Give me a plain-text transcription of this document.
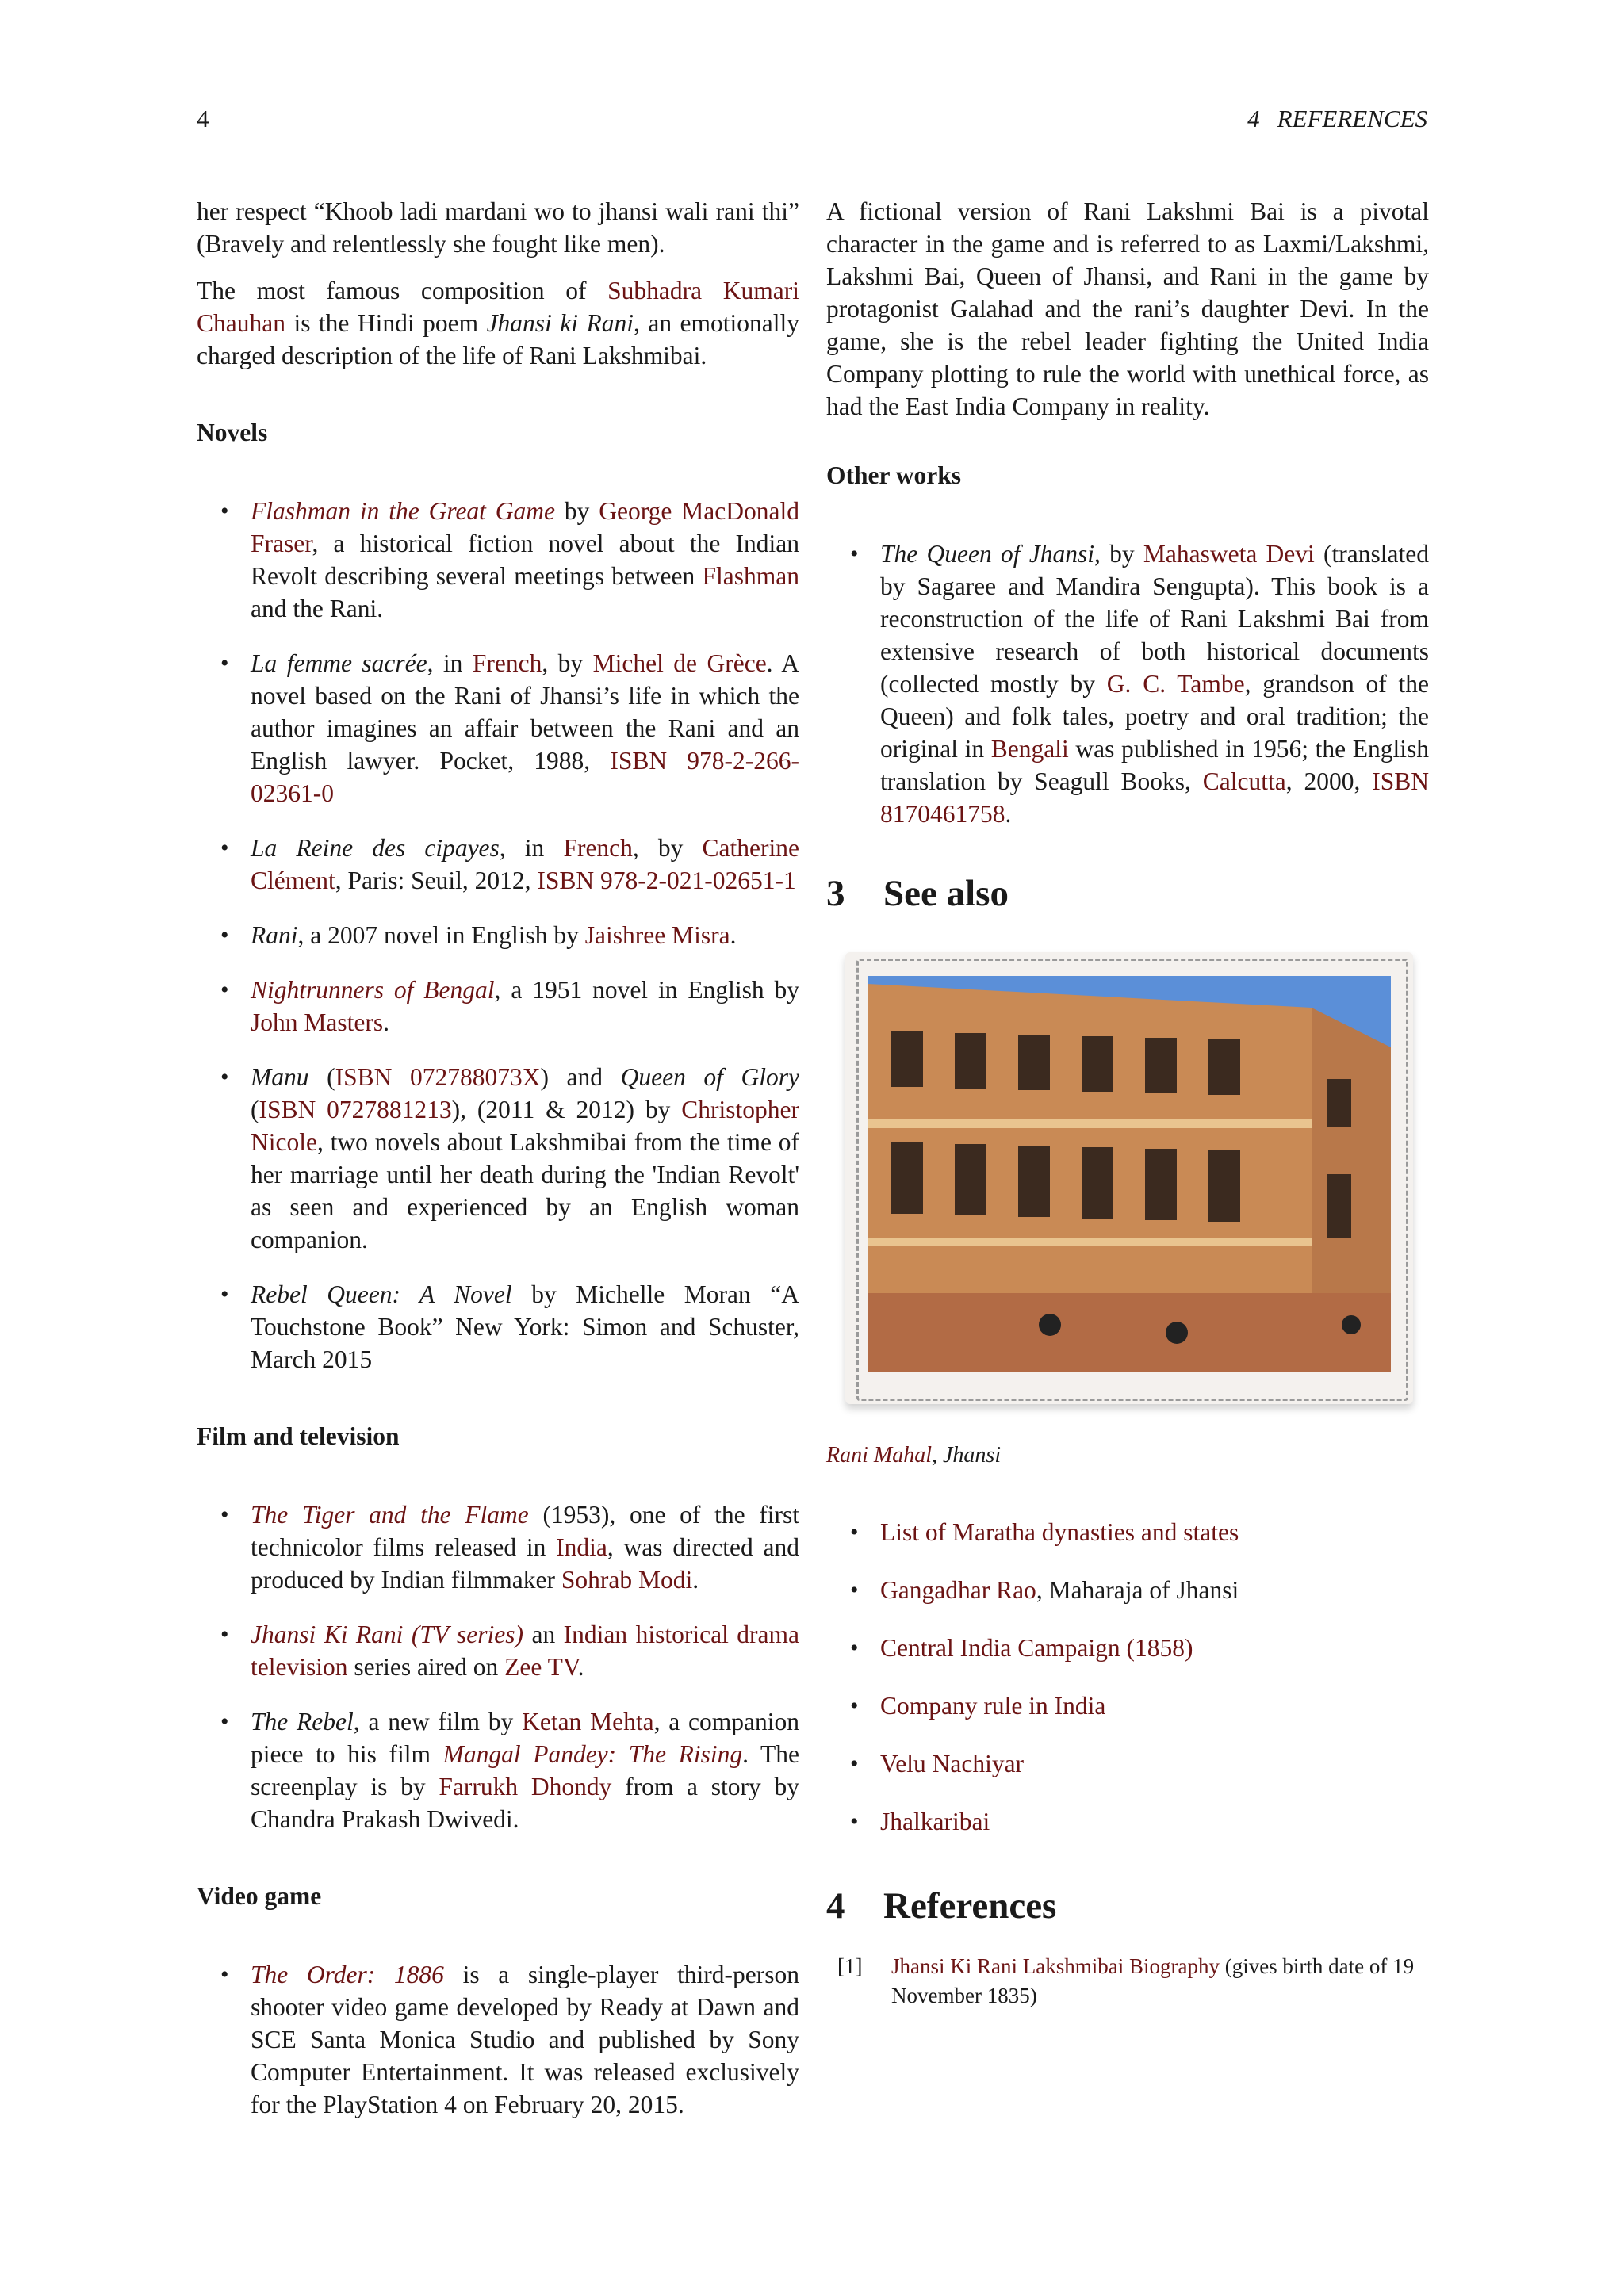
4	4 REFERENCES

her respect “Khoob ladi mardani wo to jhansi wali rani thi” (Bravely and relentlessly she fought like men).

The most famous composition of Subhadra Kumari Chauhan is the Hindi poem Jhansi ki Rani, an emotionally charged description of the life of Rani Lakshmibai.

Novels
• Flashman in the Great Game by George MacDonald Fraser, a historical fiction novel about the Indian Revolt describing several meetings between Flashman and the Rani.
• La femme sacrée, in French, by Michel de Grèce. A novel based on the Rani of Jhansi’s life in which the author imagines an affair between the Rani and an English lawyer. Pocket, 1988, ISBN 978-2-266-02361-0
• La Reine des cipayes, in French, by Catherine Clément, Paris: Seuil, 2012, ISBN 978-2-021-02651-1
• Rani, a 2007 novel in English by Jaishree Misra.
• Nightrunners of Bengal, a 1951 novel in English by John Masters.
• Manu (ISBN 072788073X) and Queen of Glory (ISBN 0727881213), (2011 & 2012) by Christopher Nicole, two novels about Lakshmibai from the time of her marriage until her death during the 'Indian Revolt' as seen and experienced by an English woman companion.
• Rebel Queen: A Novel by Michelle Moran “A Touchstone Book” New York: Simon and Schuster, March 2015
Film and television
• The Tiger and the Flame (1953), one of the first technicolor films released in India, was directed and produced by Indian filmmaker Sohrab Modi.
• Jhansi Ki Rani (TV series) an Indian historical drama television series aired on Zee TV.
• The Rebel, a new film by Ketan Mehta, a companion piece to his film Mangal Pandey: The Rising. The screenplay is by Farrukh Dhondy from a story by Chandra Prakash Dwivedi.
Video game
• The Order: 1886 is a single-player third-person shooter video game developed by Ready at Dawn and SCE Santa Monica Studio and published by Sony Computer Entertainment. It was released exclusively for the PlayStation 4 on February 20, 2015.

A fictional version of Rani Lakshmi Bai is a pivotal character in the game and is referred to as Laxmi/Lakshmi, Lakshmi Bai, Queen of Jhansi, and Rani in the game by protagonist Galahad and the rani’s daughter Devi. In the game, she is the rebel leader fighting the United India Company plotting to rule the world with unethical force, as had the East India Company in reality.

Other works
• The Queen of Jhansi, by Mahasweta Devi (translated by Sagaree and Mandira Sengupta). This book is a reconstruction of the life of Rani Lakshmi Bai from extensive research of both historical documents (collected mostly by G. C. Tambe, grandson of the Queen) and folk tales, poetry and oral tradition; the original in Bengali was published in 1956; the English translation by Seagull Books, Calcutta, 2000, ISBN 8170461758.
3 See also
Rani Mahal, Jhansi
• List of Maratha dynasties and states
• Gangadhar Rao, Maharaja of Jhansi
• Central India Campaign (1858)
• Company rule in India
• Velu Nachiyar
• Jhalkaribai
4 References
[1]	Jhansi Ki Rani Lakshmibai Biography (gives birth date of 19 November 1835)
